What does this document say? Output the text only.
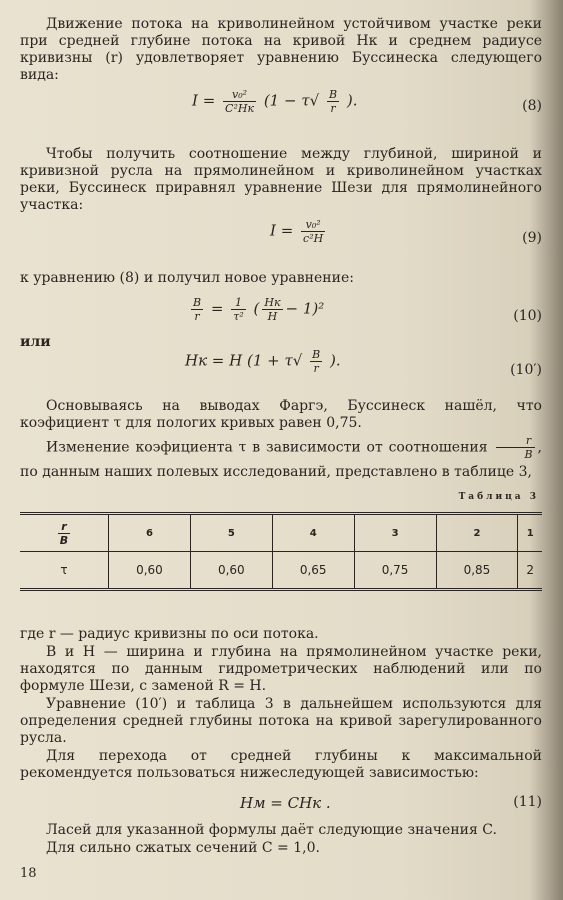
Движение потока на криволинейном устойчивом участке реки при средней глубине потока на кривой Hк и среднем радиусе кривизны (r) удовлетворяет уравнению Буссинеска следующего вида:

$I = \frac{\text{v₀²}}{\text{C²Hк}} (1 - \tau√ \frac{B}{r}$ ).	(8)

Чтобы получить соотношение между глубиной, шириной и кривизной русла на прямолинейном и криволинейном участках реки, Буссинеск приравнял уравнение Шези для прямолинейного участка:

$I = \frac{\text{v₀²}}{\text{c²H}}$	(9)

к уравнению (8) и получил новое уравнение:

$\frac{B}{r} = \frac{1}{\text{τ²}}$ ( $\frac{Hк}{H} - 1)^2$	(10)

или

Hк = H ($1 + \tau√ \frac{B}{r}$ ).
(10′)

Основываясь на выводах Фаргэ, Буссинеск нашёл, что коэфициент τ для пологих кривых равен 0,75.

Изменение коэфициента τ в зависимости от соотношения $\frac{r}{B}$ , по данным наших полевых исследований, представлено в таблице 3,

Таблица 3
$\frac{r}{B}$	6	5	4	3	2	1
τ	0,60	0,60	0,65	0,75	0,85	2

где r — радиус кривизны по оси потока.

B и H — ширина и глубина на прямолинейном участке реки, находятся по данным гидрометрических наблюдений или по формуле Шези, с заменой R = H.

Уравнение (10′) и таблица 3 в дальнейшем используются для определения средней глубины потока на кривой зарегулированного русла.

Для перехода от средней глубины к максимальной рекомендуется пользоваться нижеследующей зависимостью:

Hм = CHк .	(11)

Ласей для указанной формулы даёт следующие значения C.

Для сильно сжатых сечений C = 1,0.

18
